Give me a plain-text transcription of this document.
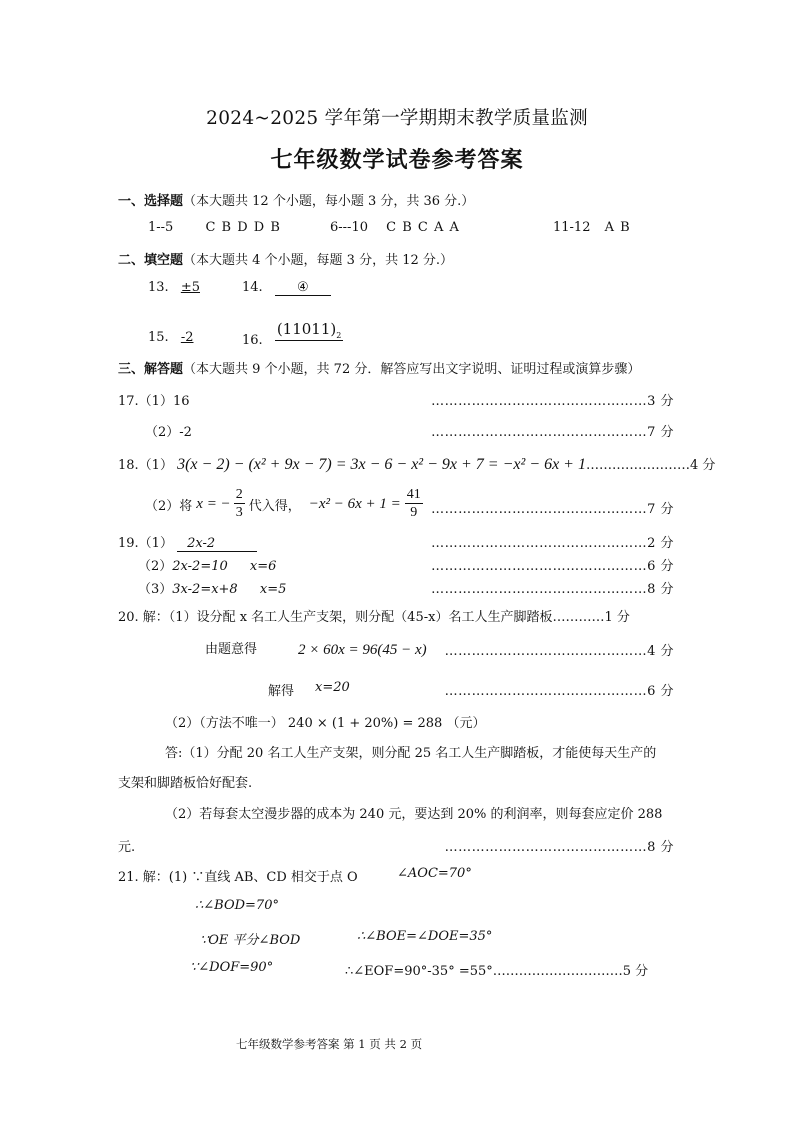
2024~2025 学年第一学期期末教学质量监测
七年级数学试卷参考答案
一、选择题（本大题共 12 个小题，每小题 3 分，共 36 分.）
1--5 C B D D B	6---10 C B C A A	11-12 A B
二、填空题（本大题共 4 个小题，每题 3 分，共 12 分.）
13. ±5	14.	④
15. -2	16. $(11011)_2$
三、解答题（本大题共 9 个小题，共 72 分．解答应写出文字说明、证明过程或演算步骤）
17.（1）16	…………………………………………3 分
（2）-2	…………………………………………7 分
18.（1） 3(x − 2) − (x² + 9x − 7) = 3x − 6 − x² − 9x + 7 = −x² − 6x + 1……………………4 分
（2）将 x = − $\frac{2}{3}$ 代入得， $-x^2 - 6x + 1 = \frac{41}{9}$ …………………………………………7 分
19.（1） 2x-2	…………………………………………2 分
（2）2x-2=10 x=6	…………………………………………6 分
（3）3x-2=x+8 x=5	…………………………………………8 分
20. 解：（1）设分配 x 名工人生产支架，则分配（45-x）名工人生产脚踏板…………1 分
由题意得	2 × 60x = 96(45 − x) ………………………………………4 分
解得 x=20	………………………………………6 分
（2）（方法不唯一） 240 × (1 + 20%) = 288 （元）
答:（1）分配 20 名工人生产支架，则分配 25 名工人生产脚踏板，才能使每天生产的
支架和脚踏板恰好配套.
（2）若每套太空漫步器的成本为 240 元，要达到 20% 的利润率，则每套应定价 288
元.	………………………………………8 分
21. 解：(1) ∵直线 AB、CD 相交于点 O	∠AOC=70°
∴∠BOD=70°
∵OE 平分∠BOD	∴∠BOE=∠DOE=35°
∵∠DOF=90°	∴∠EOF=90°-35° =55°…………………………5 分
七年级数学参考答案 第 1 页 共 2 页
